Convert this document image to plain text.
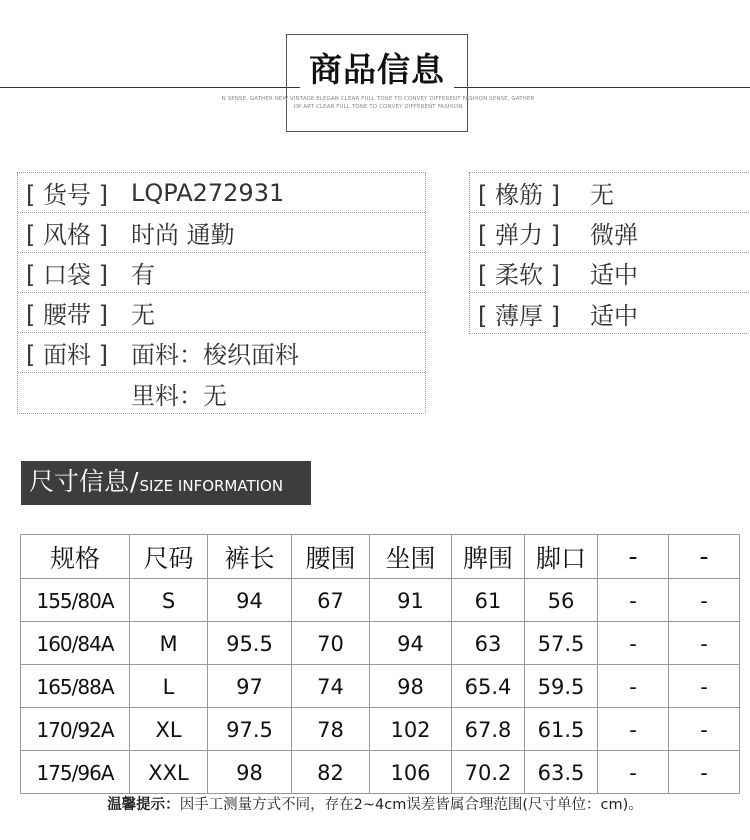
商品信息
N SENSE, GATHER NEW VINTAGE ELEGAN CLEAR FULL TONE TO CONVEY DIFFERENT FASHION SENSE, GATHER
OP ART CLEAR FULL TONE TO CONVEY DIFFERENT FASHION
[ 货号 ] LQPA272931
[ 风格 ] 时尚 通勤
[ 口袋 ] 有
[ 腰带 ] 无
[ 面料 ] 面料：梭织面料
里料：无
[ 橡筋 ]	无
[ 弹力 ]	微弹
[ 柔软 ]	适中
[ 薄厚 ]	适中
尺寸信息 / SIZE INFORMATION
规格	尺码	裤长	腰围	坐围	脾围	脚口	-	-
155/80A	S	94	67	91	61	56	-	-
160/84A	M	95.5	70	94	63	57.5	-	-
165/88A	L	97	74	98	65.4	59.5	-	-
170/92A	XL	97.5	78	102	67.8	61.5	-	-
175/96A	XXL	98	82	106	70.2	63.5	-	-
温馨提示：因手工测量方式不同，存在2~4cm误差皆属合理范围(尺寸单位：cm)。
